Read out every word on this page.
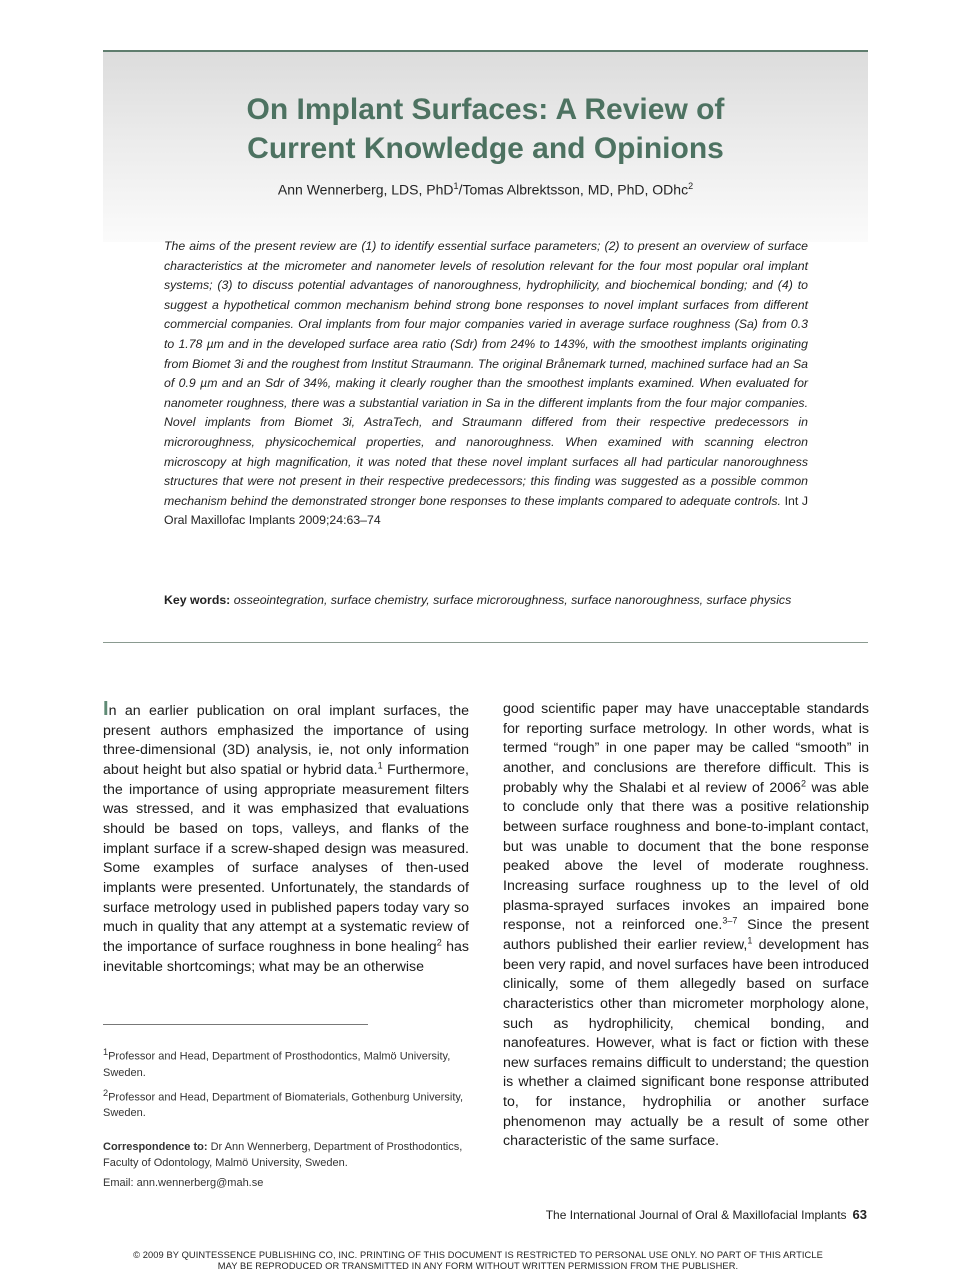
On Implant Surfaces: A Review of
Current Knowledge and Opinions
Ann Wennerberg, LDS, PhD$^1$/Tomas Albrektsson, MD, PhD, ODhc$^2$

The aims of the present review are (1) to identify essential surface parameters; (2) to present an overview of surface characteristics at the micrometer and nanometer levels of resolution relevant for the four most popular oral implant systems; (3) to discuss potential advantages of nanoroughness, hydrophilicity, and biochemical bonding; and (4) to suggest a hypothetical common mechanism behind strong bone responses to novel implant surfaces from different commercial companies. Oral implants from four major companies varied in average surface roughness (Sa) from 0.3 to 1.78 µm and in the developed surface area ratio (Sdr) from 24% to 143%, with the smoothest implants originating from Biomet 3i and the roughest from Institut Straumann. The original Brånemark turned, machined surface had an Sa of 0.9 µm and an Sdr of 34%, making it clearly rougher than the smoothest implants examined. When evaluated for nanometer roughness, there was a substantial variation in Sa in the different implants from the four major companies. Novel implants from Biomet 3i, AstraTech, and Straumann differed from their respective predecessors in microroughness, physicochemical properties, and nanoroughness. When examined with scanning electron microscopy at high magnification, it was noted that these novel implant surfaces all had particular nanoroughness structures that were not present in their respective predecessors; this finding was suggested as a possible common mechanism behind the demonstrated stronger bone responses to these implants compared to adequate controls. Int J Oral Maxillofac Implants 2009;24:63–74

Key words: osseointegration, surface chemistry, surface microroughness, surface nanoroughness, surface physics

In an earlier publication on oral implant surfaces, the present authors emphasized the importance of using three-dimensional (3D) analysis, ie, not only information about height but also spatial or hybrid data.$^1$ Furthermore, the importance of using appropriate measurement filters was stressed, and it was emphasized that evaluations should be based on tops, valleys, and flanks of the implant surface if a screw-shaped design was measured. Some examples of surface analyses of then-used implants were presented. Unfortunately, the standards of surface metrology used in published papers today vary so much in quality that any attempt at a systematic review of the importance of surface roughness in bone healing$^2$ has inevitable shortcomings; what may be an otherwise

good scientific paper may have unacceptable standards for reporting surface metrology. In other words, what is termed “rough” in one paper may be called “smooth” in another, and conclusions are therefore difficult. This is probably why the Shalabi et al review of 2006$^2$ was able to conclude only that there was a positive relationship between surface roughness and bone-to-implant contact, but was unable to document that the bone response peaked above the level of moderate roughness. Increasing surface roughness up to the level of old plasma-sprayed surfaces invokes an impaired bone response, not a reinforced one.$^{3-7}$ Since the present authors published their earlier review,$^1$ development has been very rapid, and novel surfaces have been introduced clinically, some of them allegedly based on surface characteristics other than micrometer morphology alone, such as hydrophilicity, chemical bonding, and nanofeatures. However, what is fact or fiction with these new surfaces remains difficult to understand; the question is whether a claimed significant bone response attributed to, for instance, hydrophilia or another surface phenomenon may actually be a result of some other characteristic of the same surface.

$^1$Professor and Head, Department of Prosthodontics, Malmö University, Sweden.

$^2$Professor and Head, Department of Biomaterials, Gothenburg University, Sweden.

Correspondence to: Dr Ann Wennerberg, Department of Prosthodontics, Faculty of Odontology, Malmö University, Sweden.

Email: ann.wennerberg@mah.se

The International Journal of Oral & Maxillofacial Implants 63
© 2009 BY QUINTESSENCE PUBLISHING CO, INC. PRINTING OF THIS DOCUMENT IS RESTRICTED TO PERSONAL USE ONLY. NO PART OF THIS ARTICLE
MAY BE REPRODUCED OR TRANSMITTED IN ANY FORM WITHOUT WRITTEN PERMISSION FROM THE PUBLISHER.
